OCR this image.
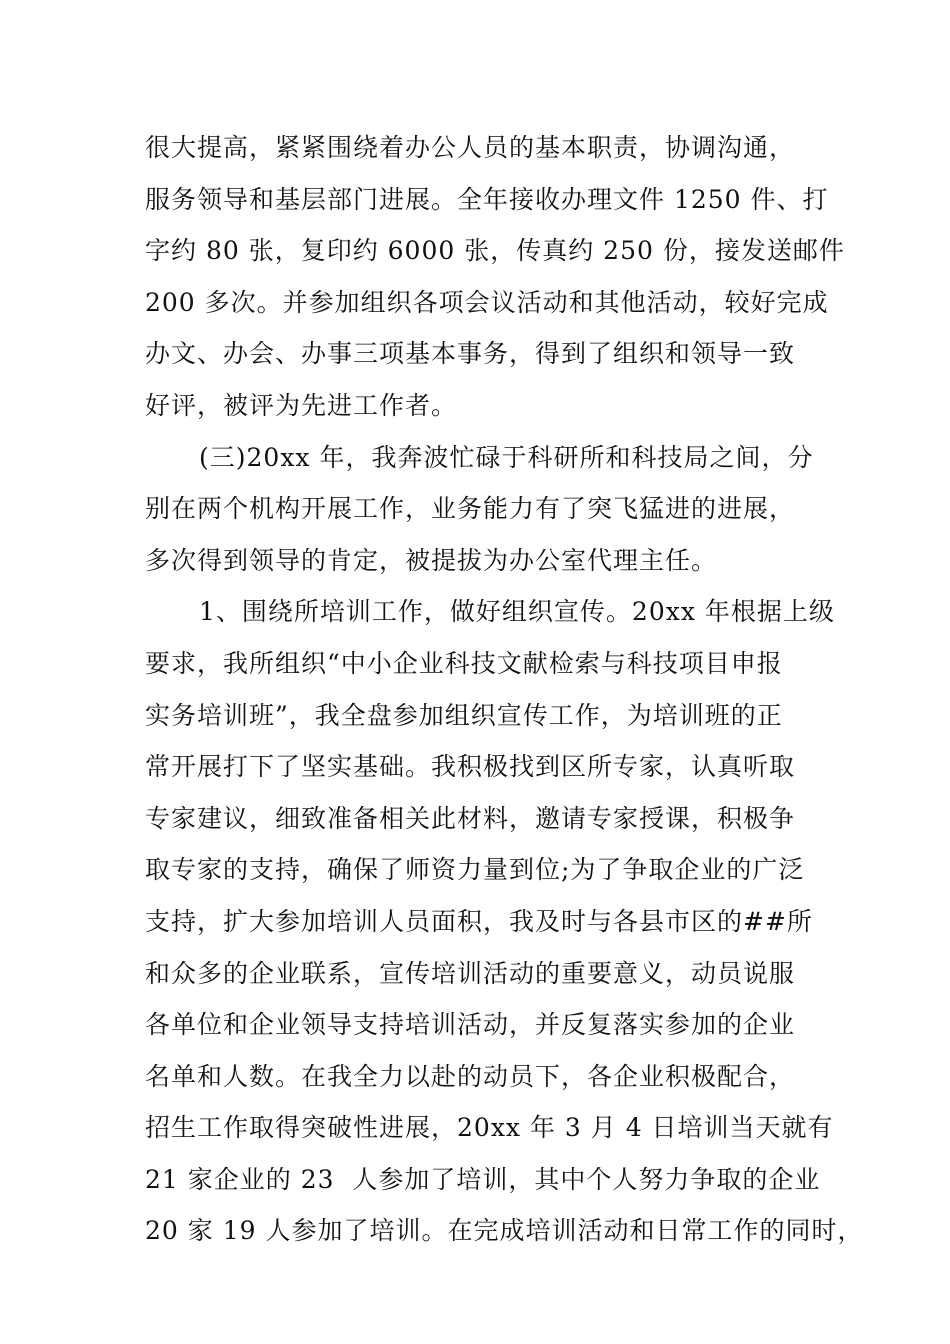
很大提高，紧紧围绕着办公人员的基本职责，协调沟通，
服务领导和基层部门进展。全年接收办理文件 1250 件、打
字约 80 张，复印约 6000 张，传真约 250 份，接发送邮件
200 多次。并参加组织各项会议活动和其他活动，较好完成
办文、办会、办事三项基本事务，得到了组织和领导一致
好评，被评为先进工作者。
(三)20xx 年，我奔波忙碌于科研所和科技局之间，分
别在两个机构开展工作，业务能力有了突飞猛进的进展，
多次得到领导的肯定，被提拔为办公室代理主任。
1、围绕所培训工作，做好组织宣传。20xx 年根据上级
要求，我所组织“中小企业科技文献检索与科技项目申报
实务培训班”，我全盘参加组织宣传工作，为培训班的正
常开展打下了坚实基础。我积极找到区所专家，认真听取
专家建议，细致准备相关此材料，邀请专家授课，积极争
取专家的支持，确保了师资力量到位;为了争取企业的广泛
支持，扩大参加培训人员面积，我及时与各县市区的##所
和众多的企业联系，宣传培训活动的重要意义，动员说服
各单位和企业领导支持培训活动，并反复落实参加的企业
名单和人数。在我全力以赴的动员下，各企业积极配合，
招生工作取得突破性进展，20xx 年 3 月 4 日培训当天就有
21 家企业的 23  人参加了培训，其中个人努力争取的企业
20 家 19 人参加了培训。在完成培训活动和日常工作的同时，
